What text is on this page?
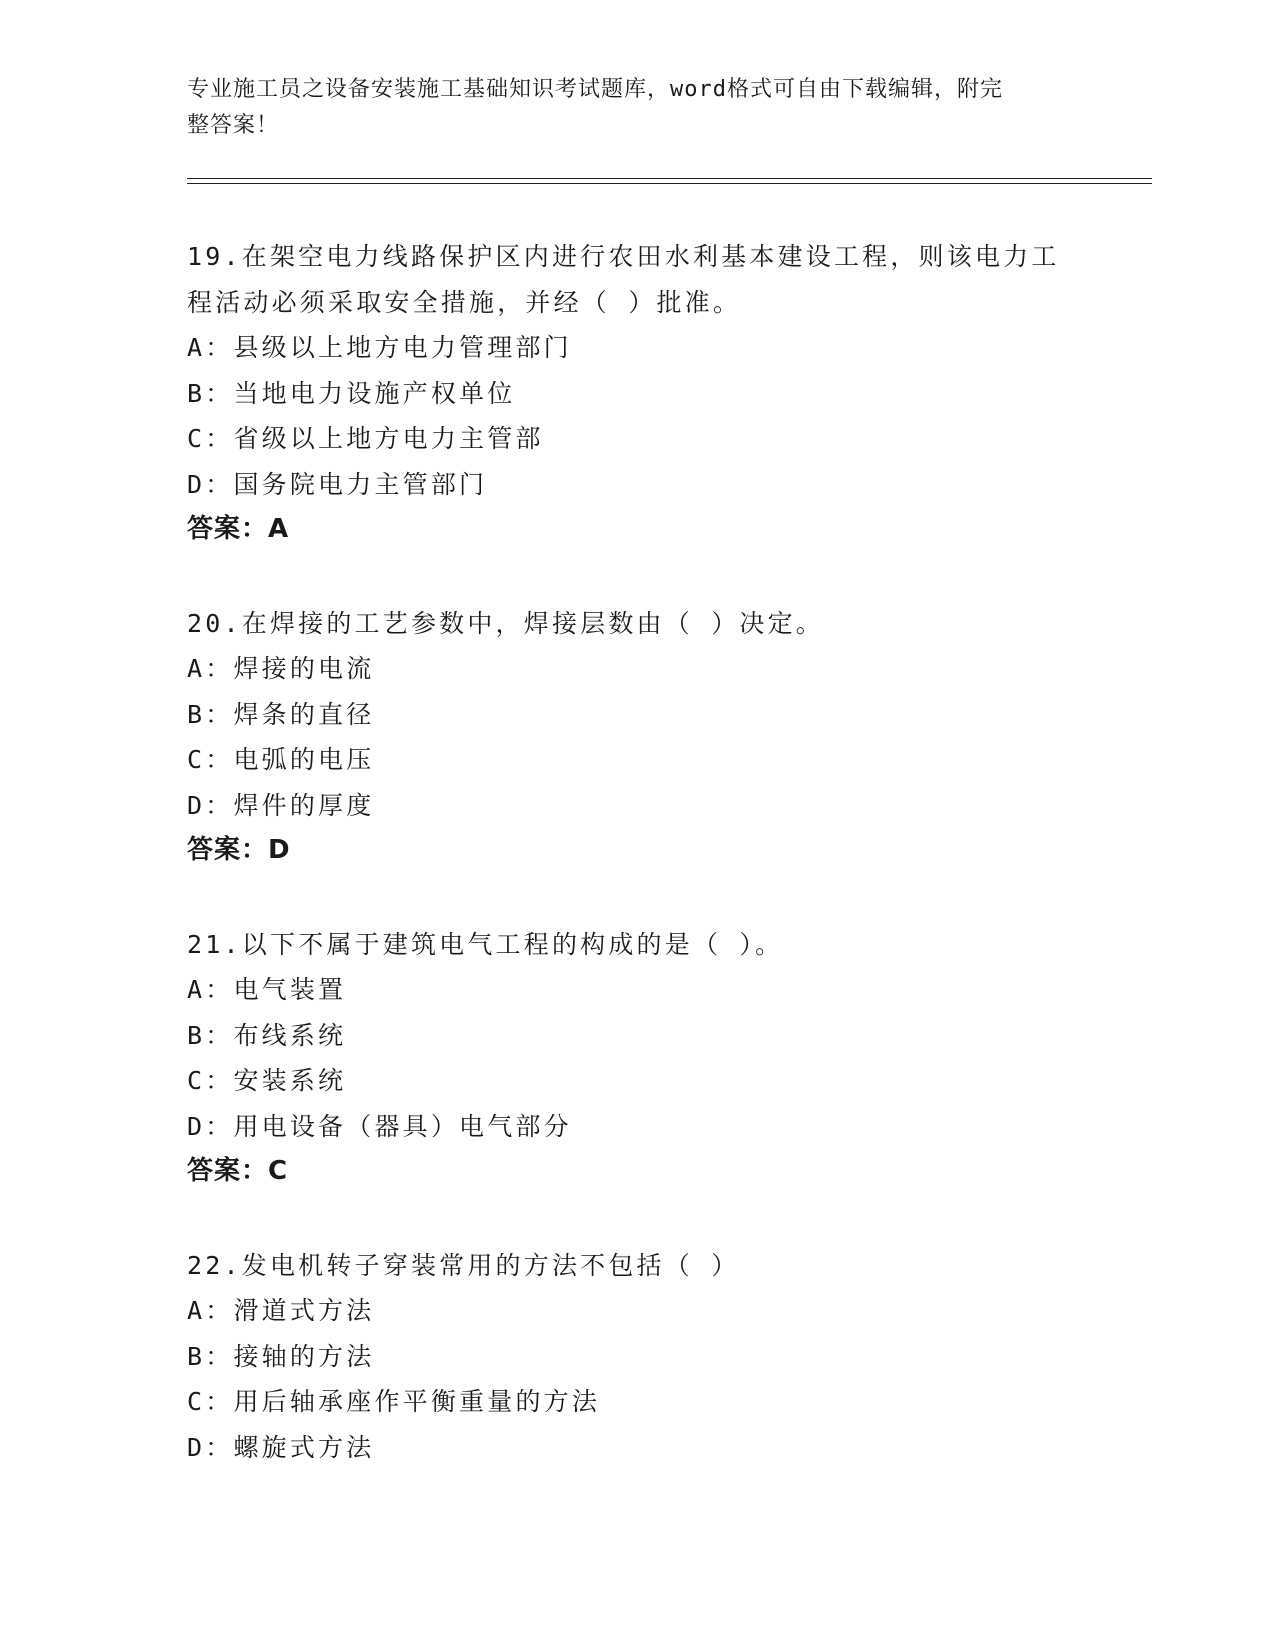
专业施工员之设备安装施工基础知识考试题库，word格式可自由下载编辑，附完
整答案！
19.在架空电力线路保护区内进行农田水利基本建设工程，则该电力工
程活动必须采取安全措施，并经（ ）批准。
A：县级以上地方电力管理部门
B：当地电力设施产权单位
C：省级以上地方电力主管部
D：国务院电力主管部门
答案：A
20.在焊接的工艺参数中，焊接层数由（ ）决定。
A：焊接的电流
B：焊条的直径
C：电弧的电压
D：焊件的厚度
答案：D
21.以下不属于建筑电气工程的构成的是（ ）。
A：电气装置
B：布线系统
C：安装系统
D：用电设备（器具）电气部分
答案：C
22.发电机转子穿装常用的方法不包括（ ）
A：滑道式方法
B：接轴的方法
C：用后轴承座作平衡重量的方法
D：螺旋式方法
